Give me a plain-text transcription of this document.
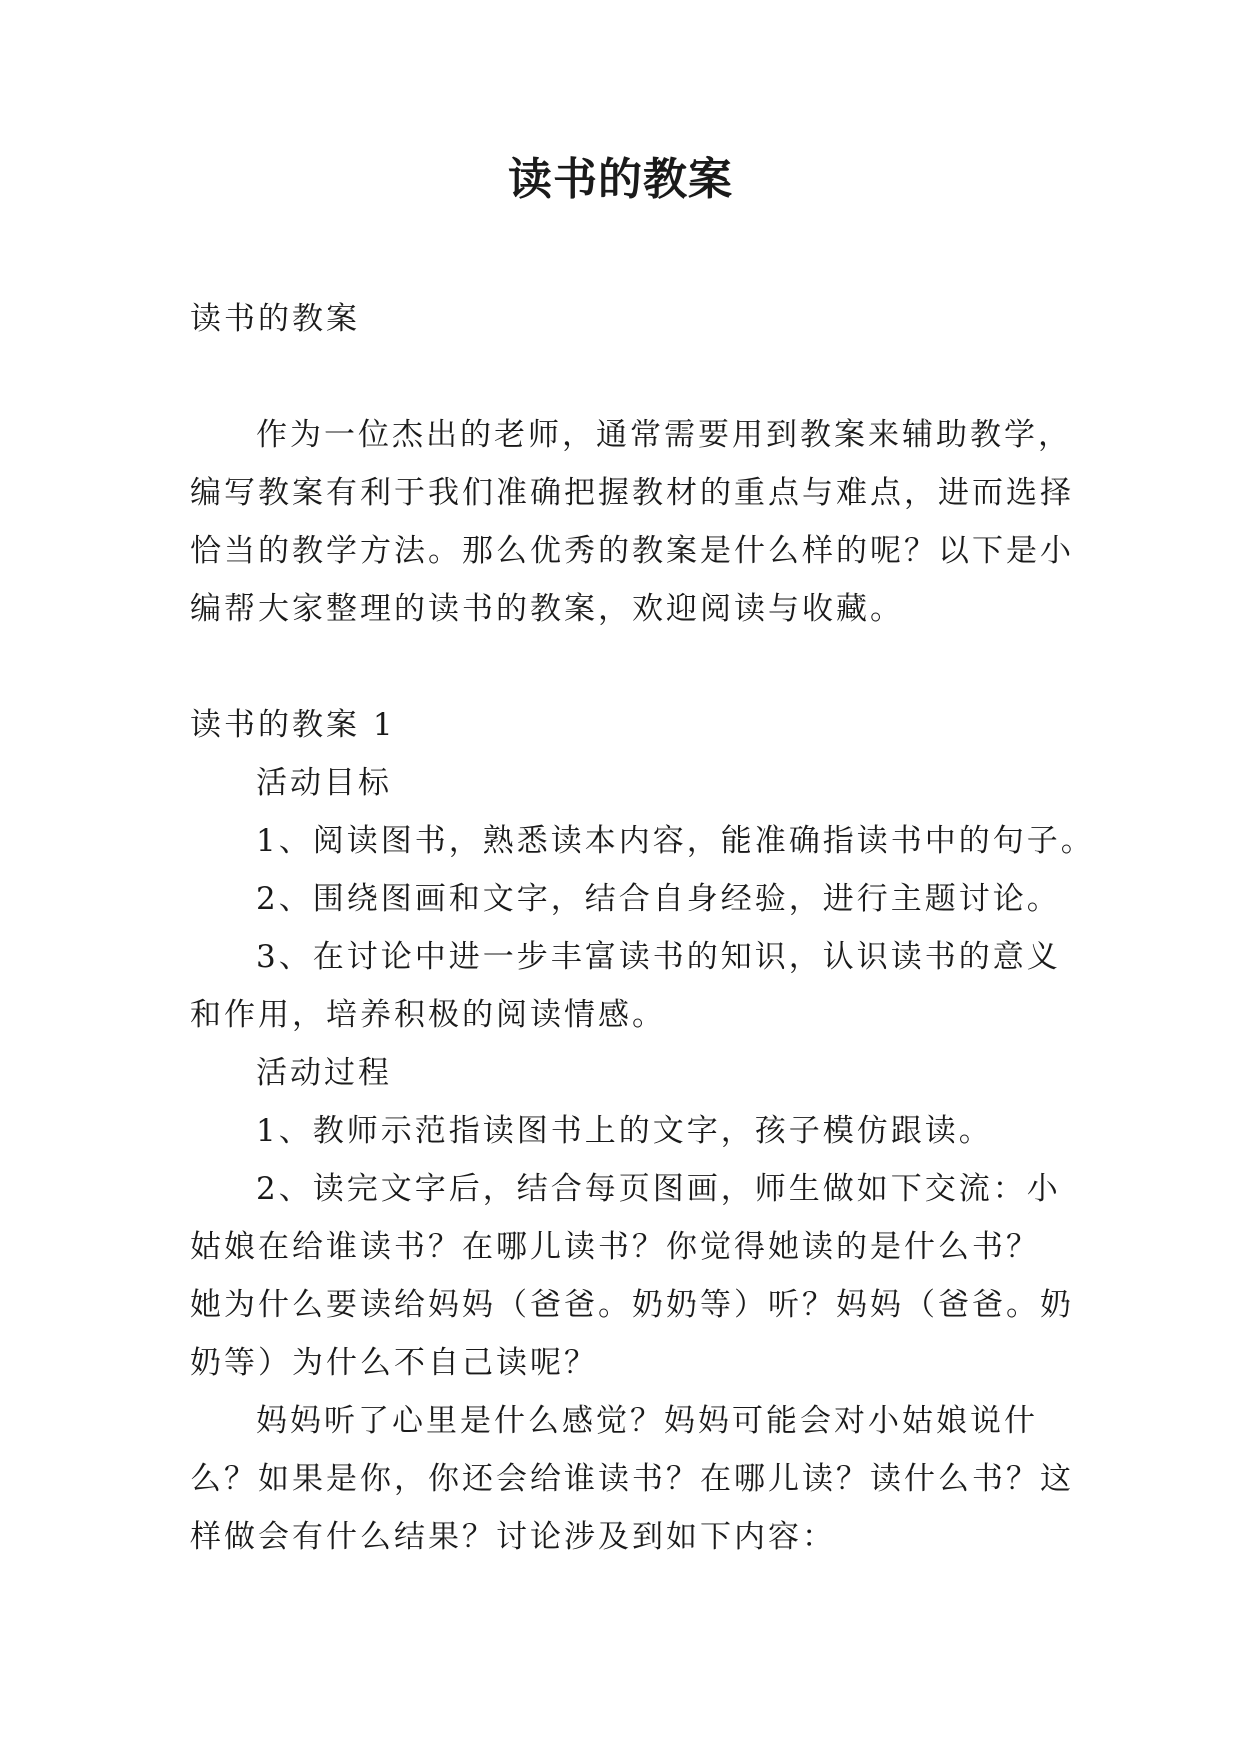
读书的教案
读书的教案
作为一位杰出的老师，通常需要用到教案来辅助教学，
编写教案有利于我们准确把握教材的重点与难点，进而选择
恰当的教学方法。那么优秀的教案是什么样的呢？以下是小
编帮大家整理的读书的教案，欢迎阅读与收藏。
读书的教案 1
活动目标
1、阅读图书，熟悉读本内容，能准确指读书中的句子。
2、围绕图画和文字，结合自身经验，进行主题讨论。
3、在讨论中进一步丰富读书的知识，认识读书的意义
和作用，培养积极的阅读情感。
活动过程
1、教师示范指读图书上的文字，孩子模仿跟读。
2、读完文字后，结合每页图画，师生做如下交流：小
姑娘在给谁读书？在哪儿读书？你觉得她读的是什么书？
她为什么要读给妈妈（爸爸。奶奶等）听？妈妈（爸爸。奶
奶等）为什么不自己读呢？
妈妈听了心里是什么感觉？妈妈可能会对小姑娘说什
么？如果是你，你还会给谁读书？在哪儿读？读什么书？这
样做会有什么结果？讨论涉及到如下内容：
